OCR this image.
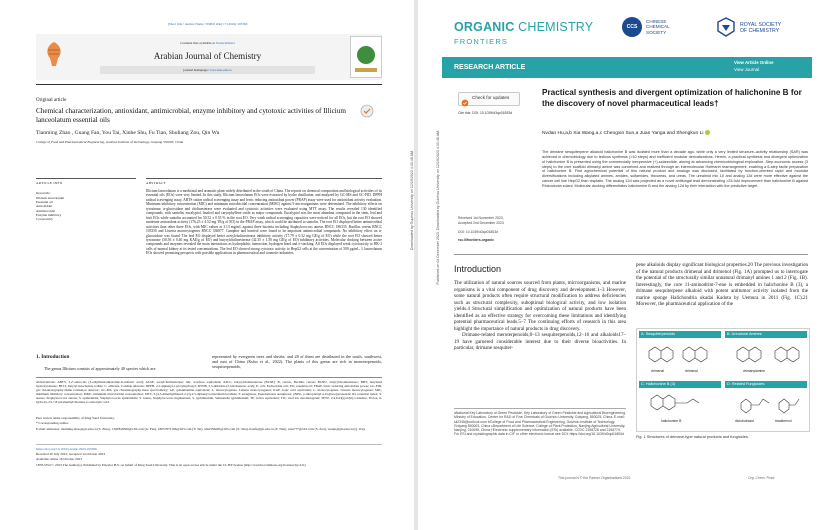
[Short title • Author Name • PMID title] 17 (2024) 105366
Contents lists available at ScienceDirect
Arabian Journal of Chemistry
journal homepage: www.ksu.edu.sa
Original article
Chemical characterization, antioxidant, antimicrobial, enzyme inhibitory and cytotoxic activities of Illicium lanceolatum essential oils
Tianming Zhao , Guang Fan, You Tai, Xinhe Shu, Fu Tian, Shuliang Zou, Qin Wu
College of Food and Pharmaceutical Engineering, Guizhou Institute of Technology, Guiyang 550003, China
ARTICLE INFO
Keywords:
Illicium lanceolatum
Essential oil
Antioxidant
Antimicrobial
Enzyme inhibitory
Cytotoxicity
ABSTRACT
Illicium lanceolatum is a medicinal and aromatic plant widely distributed in the south of China. The reports on chemical composition and biological activities of its essential oils (EOs) were very limited. In this study, Illicium lanceolatum EOs were extracted by hydro distillation, and analyzed by GC-MS and GC-FID. DPPH radical scavenging assay, ABTS cation radical scavenging assay and ferric reducing antioxidant power (FRAP) assay were used for antioxidant activity evaluation. Minimum inhibitory concentration (MIC) and minimum microbicidal concentration (MMC) against 9 microorganisms were determined. The inhibitory effects on tyrosinase, α-glucosidase and cholinesterase were evaluated and cytotoxic activities were evaluated using MTT assay. The results revealed 130 identified compounds, with santolin, eucalyptol, linalool and caryophyllene oxide as major compounds. Eucalyptol was the most abundant compound in the stem, leaf and fruit EOs while santolin accounted for 50.52 ± 0.53 % in the root EO. Very weak radical scavenging capacities were noticed for all EOs, but the root EO showed moderate antioxidant activity (176.23 ± 4.52 mg TE/g of EO) in the FRAP assay, which could be attributed to santolin. The root EO displayed better antimicrobial activities than other three EOs, with MIC values at 3.13 mg/mL against three bacteria including Staphylococcus aureus BNCC 186335, Bacillus cereus BNCC 103350 and Listeria monocytogenes BNCC 336877. Camphor and borneol were found to be important antimicrobial compounds. No inhibitory effect on α-glucosidase was found. The leaf EO displayed better acetylcholinesterase inhibitory activity (17.79 ± 0.32 mg GE/g of EO) while the root EO showed better tyrosinase (30.56 ± 0.40 mg KAE/g of EO) and butyrylcholinesterase (42.35 ± 1.50 mg GE/g of EO) inhibitory activities. Molecular docking between active compounds and enzymes revealed the main interactions as hydrophobic interaction, hydrogen bond and π-stacking. All EOs displayed weak cytotoxicity to HK-2 cells of normal kidney at its tested concentrations. The leaf EO showed strong cytotoxic activity to HepG2 cells at the concentration of 500 μg/mL. I. lanceolatum EOs showed promising prospects with possible applications in pharmaceutical and cosmetic industries.
1. Introduction
The genus Illicium consists of approximately 40 species which are
represented by evergreen trees and shrubs, and 28 of them are distributed in the south, southwest, and east of China (Kubo et al., 2022). The plants of this genus are rich in monoterpenoids, sesquiterpenoids,
Abbreviations: ABTS, 2,2′-azino-bis (3-ethylbenzothiazoline-6-sulfonic acid); AChE, acetylcholinesterase; AK, acarbose equivalent; ATCC, butyrylcholinesterase (BChE); B. cereus, Bacillus cereus; BCNU, butyrylcholinesterase; BHT, butylated hydroxytoluene; BTCI, butyryl thiocholine iodide; C. albicans, Candida albicans; DPPH, 2,2-diphenyl-1-picrylhydrazyl; DTNB, 5,5-dithiobis-(2-nitrobenzoic acid); E. coli, Escherichia coli; EO, essential oil; FRAP, ferric reducing antioxidant power; GC-FID, gas chromatography-flame ionization detector; GC-MS, gas chromatography-mass spectrometry; GE, galanthamine equivalent; L. monocytogenes, Listeria monocytogenes; KAE, kojic acid equivalent; L. monocytogenes, Listeria monocytogenes; MIC, minimum inhibitory concentration; MMC, minimum microbicidal concentration; MTT, 3-(4,5-dimethylthiazol-2-yl)-2,5-diphenyl tetrazolium bromide; P. aeruginosa, Pseudomonas aeruginosa; pNPG, p-nitrophenyl-α-D-glucopyranoside; RI, retention index; S. aureus, Staphylococcus aureus; S. epidermidis, Staphylococcus epidermidis; S. louisa, Staphylococcus lugdunensis; S. typhimurium, Salmonella typhimurium; TE, trolox equivalent; TIC, total ion chromatogram; TPTZ, 2,4,6-tri(pyridyl)-s-triazine; Trolox, 6-hydroxy-2,5,7,8-tetramethylchroman-2-carboxylic acid.
Peer review under responsibility of King Saud University.
* Corresponding author.
E-mail addresses: tianming.zhao@git.edu.cn (T. Zhao), 1360818506@163.com (G. Fan), 18057872166@163.com (Y. Tai), xin2356695@163.com (X. Shu), tianfu@git.edu.cn (F. Tian), zsus777@163.com (S. Zou), wuqin@git.edu.cn (Q. Wu).
https://doi.org/10.1016/j.arabjc.2023.105366
Received 20 July 2023; Accepted 14 October 2023
Available online 18 October 2023
1878-5352/© 2023 The Author(s). Published by Elsevier B.V. on behalf of King Saud University. This is an open access article under the CC BY license (http://creativecommons.org/licenses/by/4.0/).
ORGANIC CHEMISTRY
FRONTIERS
CCS
CHINESE
CHEMICAL
SOCIETY
ROYAL SOCIETY
OF CHEMISTRY
RESEARCH ARTICLE
View Article Online
View Journal
Check for updates
Cite this: DOI: 10.1039/d3qo01853d
Practical synthesis and divergent optimization of halichonine B for the discovery of novel pharmaceutical leads†
Nvdan Hu,a,b Xia Wang,a,c Chengxin Sun,a Juan Yanga and Shengkun Li
The drimane sesquiterpene alkaloid halichonine B was isolated more than a decade ago, while only a very limited structure–activity relationship (SAR) was achieved in chemobiology due to tedious synthesis (>10 steps) and inefficient modular derivatizations. Herein, a practical synthesis and divergent optimization of halichonine B is presented using the commercially inexpensive (+)-sclareolide, aiming at advancing chemicobiological exploration. Step-economic access (3 steps) to the core scaffold drimanyl amine was conceived and realized through an intermolecular Hofmann rearrangement, enabling a 6-step facile preparation of halichonine B. First agrochemical potential of this natural product and analogs was disclosed, facilitated by function-oriented rapid and modular diversifications including alkylated amines, amides, sulfamides, thioureas, and ureas. The urealmid mic 10 and analog 12d were more effective against the cancer cell line HepG2 than cisplatin. The analog 12d was projected as a novel antifungal lead demonstrating >25-fold improvement than halichonine B against Rhizoctonia solani. Molecular docking differentiates halichonine B and the analog 12d by their interaction with the predictive target.
Received 1st November 2023,
Accepted 2nd December 2023
DOI: 10.1039/d3qo01853d
rsc.li/frontiers-organic
Introduction
The utilization of natural sources sourced from plants, microorganisms, and marine organisms is a vital component of drug discovery and development.1–3 However, some natural products often require structural modification to address deficiencies such as structural complexity, suboptimal biological activity, and low isolation yields.4 Structural simplification and optimization of natural products have been identified as an effective strategy for overcoming these limitations and identifying potential pharmaceutical leads.5–7 The continuing efforts of research in this area highlight the importance of natural products in drug discovery.
Drimane-related meroterpenoids,8–13 sesquiterpenoids,12–16 and alkaloids17–19 have garnered considerable interest due to their diverse bioactivities. In particular, drimane sesquiter-
pene alkaloids display significant biological properties.20 The previous investigation of the natural products drimenal and drimenol (Fig. 1A) prompted us to interrogate the potential of the structurally similar unnatural drimanyl amines 1 and 2 (Fig. 1B). Interestingly, the core 11-aminodrim-7-ene is embedded in halichonine B (3), a drimane sesquiterpene alkaloid with potent antitumor activity isolated from the marine sponge Halichondria okadai Kadota by Uemura in 2011 (Fig. 1C).21 Moreover, the pharmaceutical application of the
A. Sesquiterpenoids	B. Unnatural Amines
C. Halichonine B (3)	D. Related Fungicides
drimenal	drimenol	drimanylamine
halichonine B	diclobutrazol	triadimenol
Fig. 1 Structures of drimane-type natural products and fungicides.
aNational Key Laboratory of Green Pesticide, Key Laboratory of Green Pesticide and Agricultural Bioengineering, Ministry of Education, Center for R&D of Fine Chemicals of Guizhou University, Guiyang, 550025, China. E-mail: sli2345@outlook.com bCollege of Food and Pharmaceutical Engineering, Guizhou Institute of Technology, Guiyang 550003, China cDepartment of Life Science, College of Plant Protection, Nanjing Agricultural University, Nanjing, 210095, China †Electronic supplementary information (ESI) available. CCDC 2158726 and 2158779. For ESI and crystallographic data in CIF or other electronic format see DOI: https://doi.org/10.1039/d3qo01853d
This journal is © the Partner Organisations 2023	Org. Chem. Front.
Downloaded by Guizhou University on 12/19/2023 4:33:48 AM.	Published on 04 December 2023. Downloaded by Guizhou University on 12/19/2023 4:33:48 AM.
